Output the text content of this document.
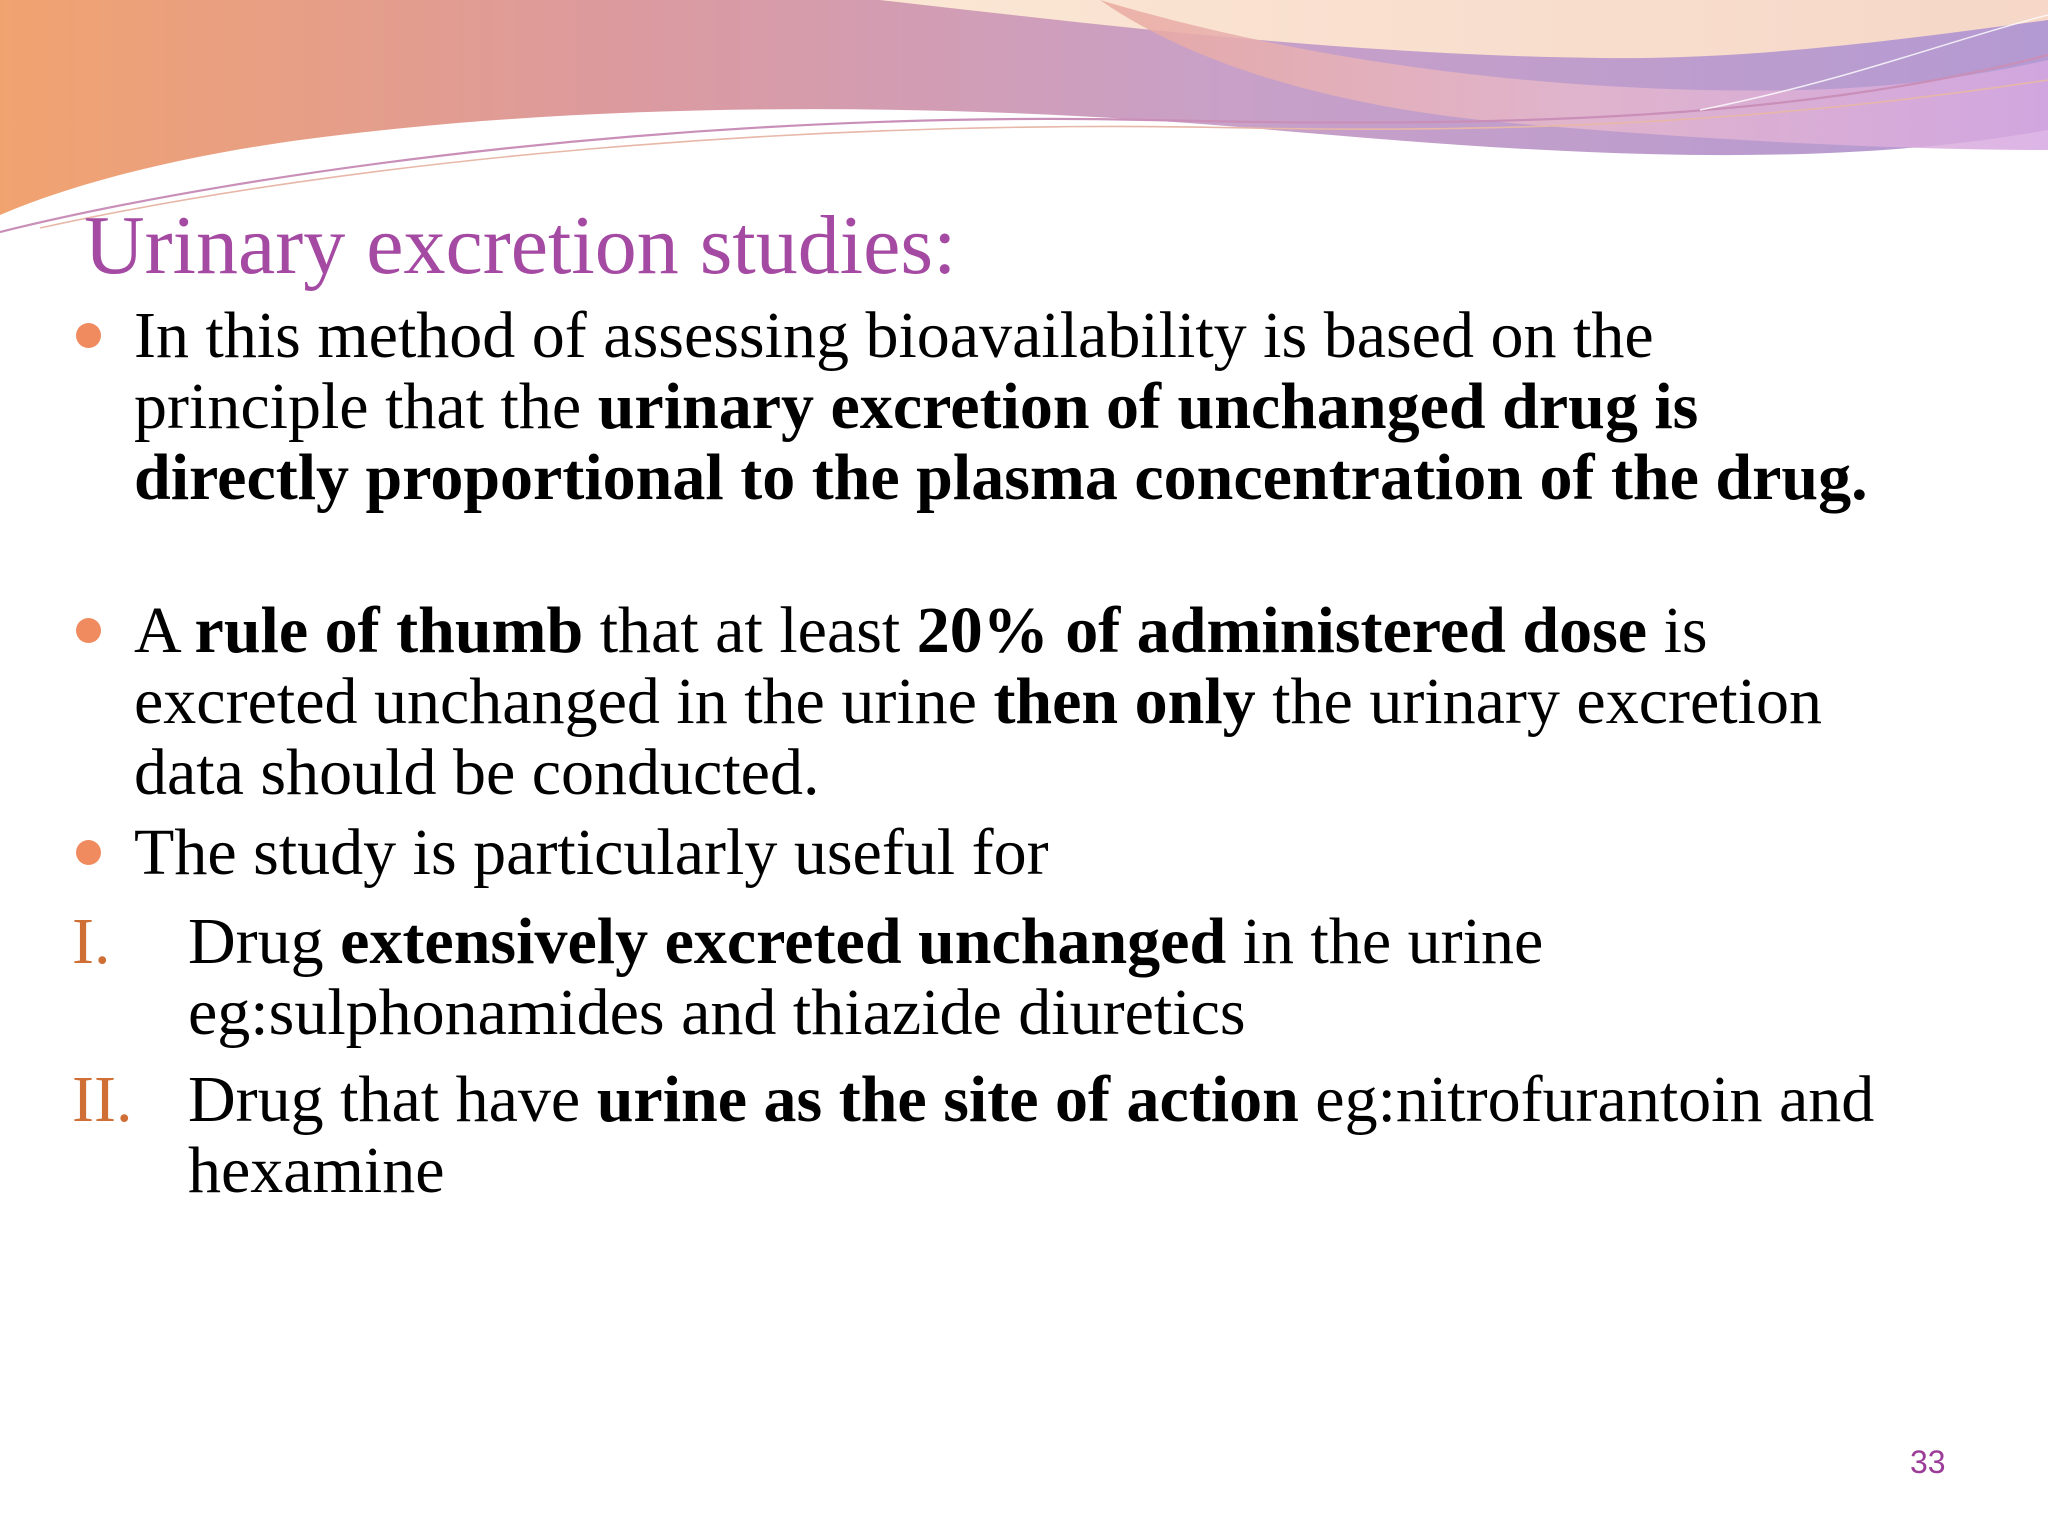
Urinary excretion studies:

In this method of assessing bioavailability is based on the principle that the urinary excretion of unchanged drug is directly proportional to the plasma concentration of the drug.

A rule of thumb that at least 20% of administered dose is excreted unchanged in the urine then only the urinary excretion data should be conducted.

The study is particularly useful for

I. Drug extensively excreted unchanged in the urine eg:sulphonamides and thiazide diuretics

II. Drug that have urine as the site of action eg:nitrofurantoin and hexamine

33
